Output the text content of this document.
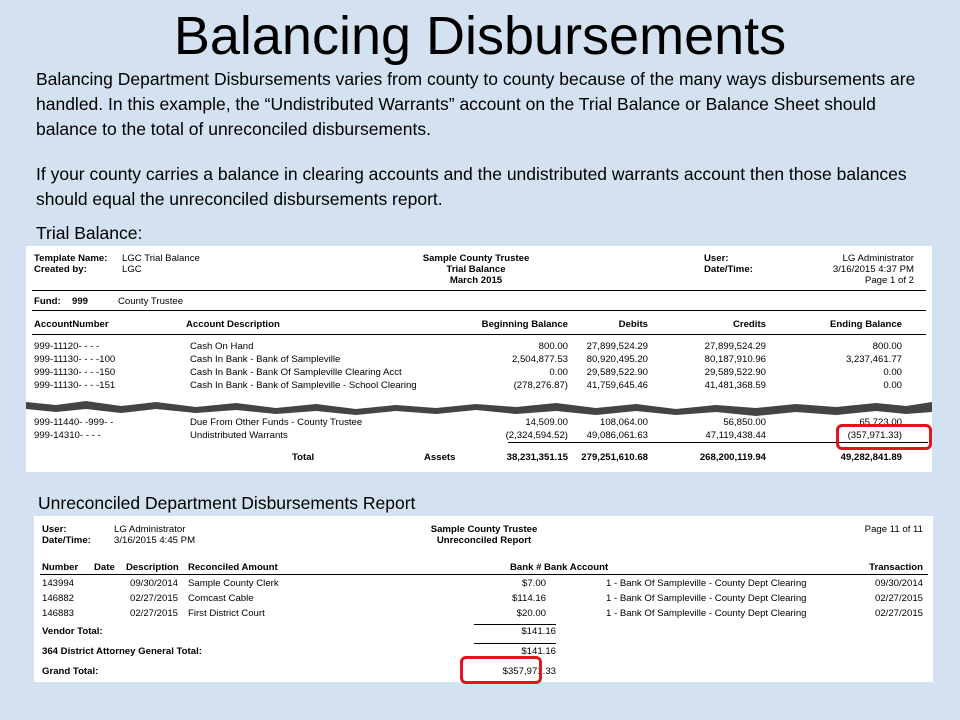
Balancing Disbursements
Balancing Department Disbursements varies from county to county because of the many ways disbursements are handled. In this example, the “Undistributed Warrants” account on the Trial Balance or Balance Sheet should balance to the total of unreconciled disbursements.
If your county carries a balance in clearing accounts and the undistributed warrants account then those balances should equal the unreconciled disbursements report.
Trial Balance:
Template Name: LGC Trial Balance
Created by:	LGC
Sample County Trustee
Trial Balance
March 2015
User:
Date/Time:
LG Administrator
3/16/2015 4:37 PM
Page 1 of 2
Fund: 999	County Trustee
AccountNumber	Account Description	Beginning Balance	Debits	Credits	Ending Balance
999-11120- - - -	Cash On Hand	800.00	27,899,524.29	27,899,524.29	800.00
999-11130- - - -100	Cash In Bank - Bank of Sampleville	2,504,877.53	80,920,495.20	80,187,910.96	3,237,461.77
999-11130- - - -150	Cash In Bank - Bank Of Sampleville Clearing Acct	0.00	29,589,522.90	29,589,522.90	0.00
999-11130- - - -151	Cash In Bank - Bank of Sampleville - School Clearing	(278,276.87)	41,759,645.46	41,481,368.59	0.00
999-11440- -999- -	Due From Other Funds - County Trustee	14,509.00	108,064.00	56,850.00	65,723.00
999-14310- - - -	Undistributed Warrants	(2,324,594.52)	49,086,061.63	47,119,438.44	(357,971.33)
Total	Assets	38,231,351.15	279,251,610.68	268,200,119.94	49,282,841.89
Unreconciled Department Disbursements Report
User:	LG Administrator
Date/Time: 3/16/2015 4:45 PM
Sample County Trustee
Unreconciled Report
Page 11 of 11
Number Date Description Reconciled Amount	Bank # Bank Account	Transaction
143994	09/30/2014 Sample County Clerk	$7.00	1 - Bank Of Sampleville - County Dept Clearing	09/30/2014
146882	02/27/2015 Comcast Cable	$114.16	1 - Bank Of Sampleville - County Dept Clearing	02/27/2015
146883	02/27/2015 First District Court	$20.00	1 - Bank Of Sampleville - County Dept Clearing	02/27/2015
Vendor Total:	$141.16
364 District Attorney General Total:	$141.16
Grand Total:	$357,971.33
